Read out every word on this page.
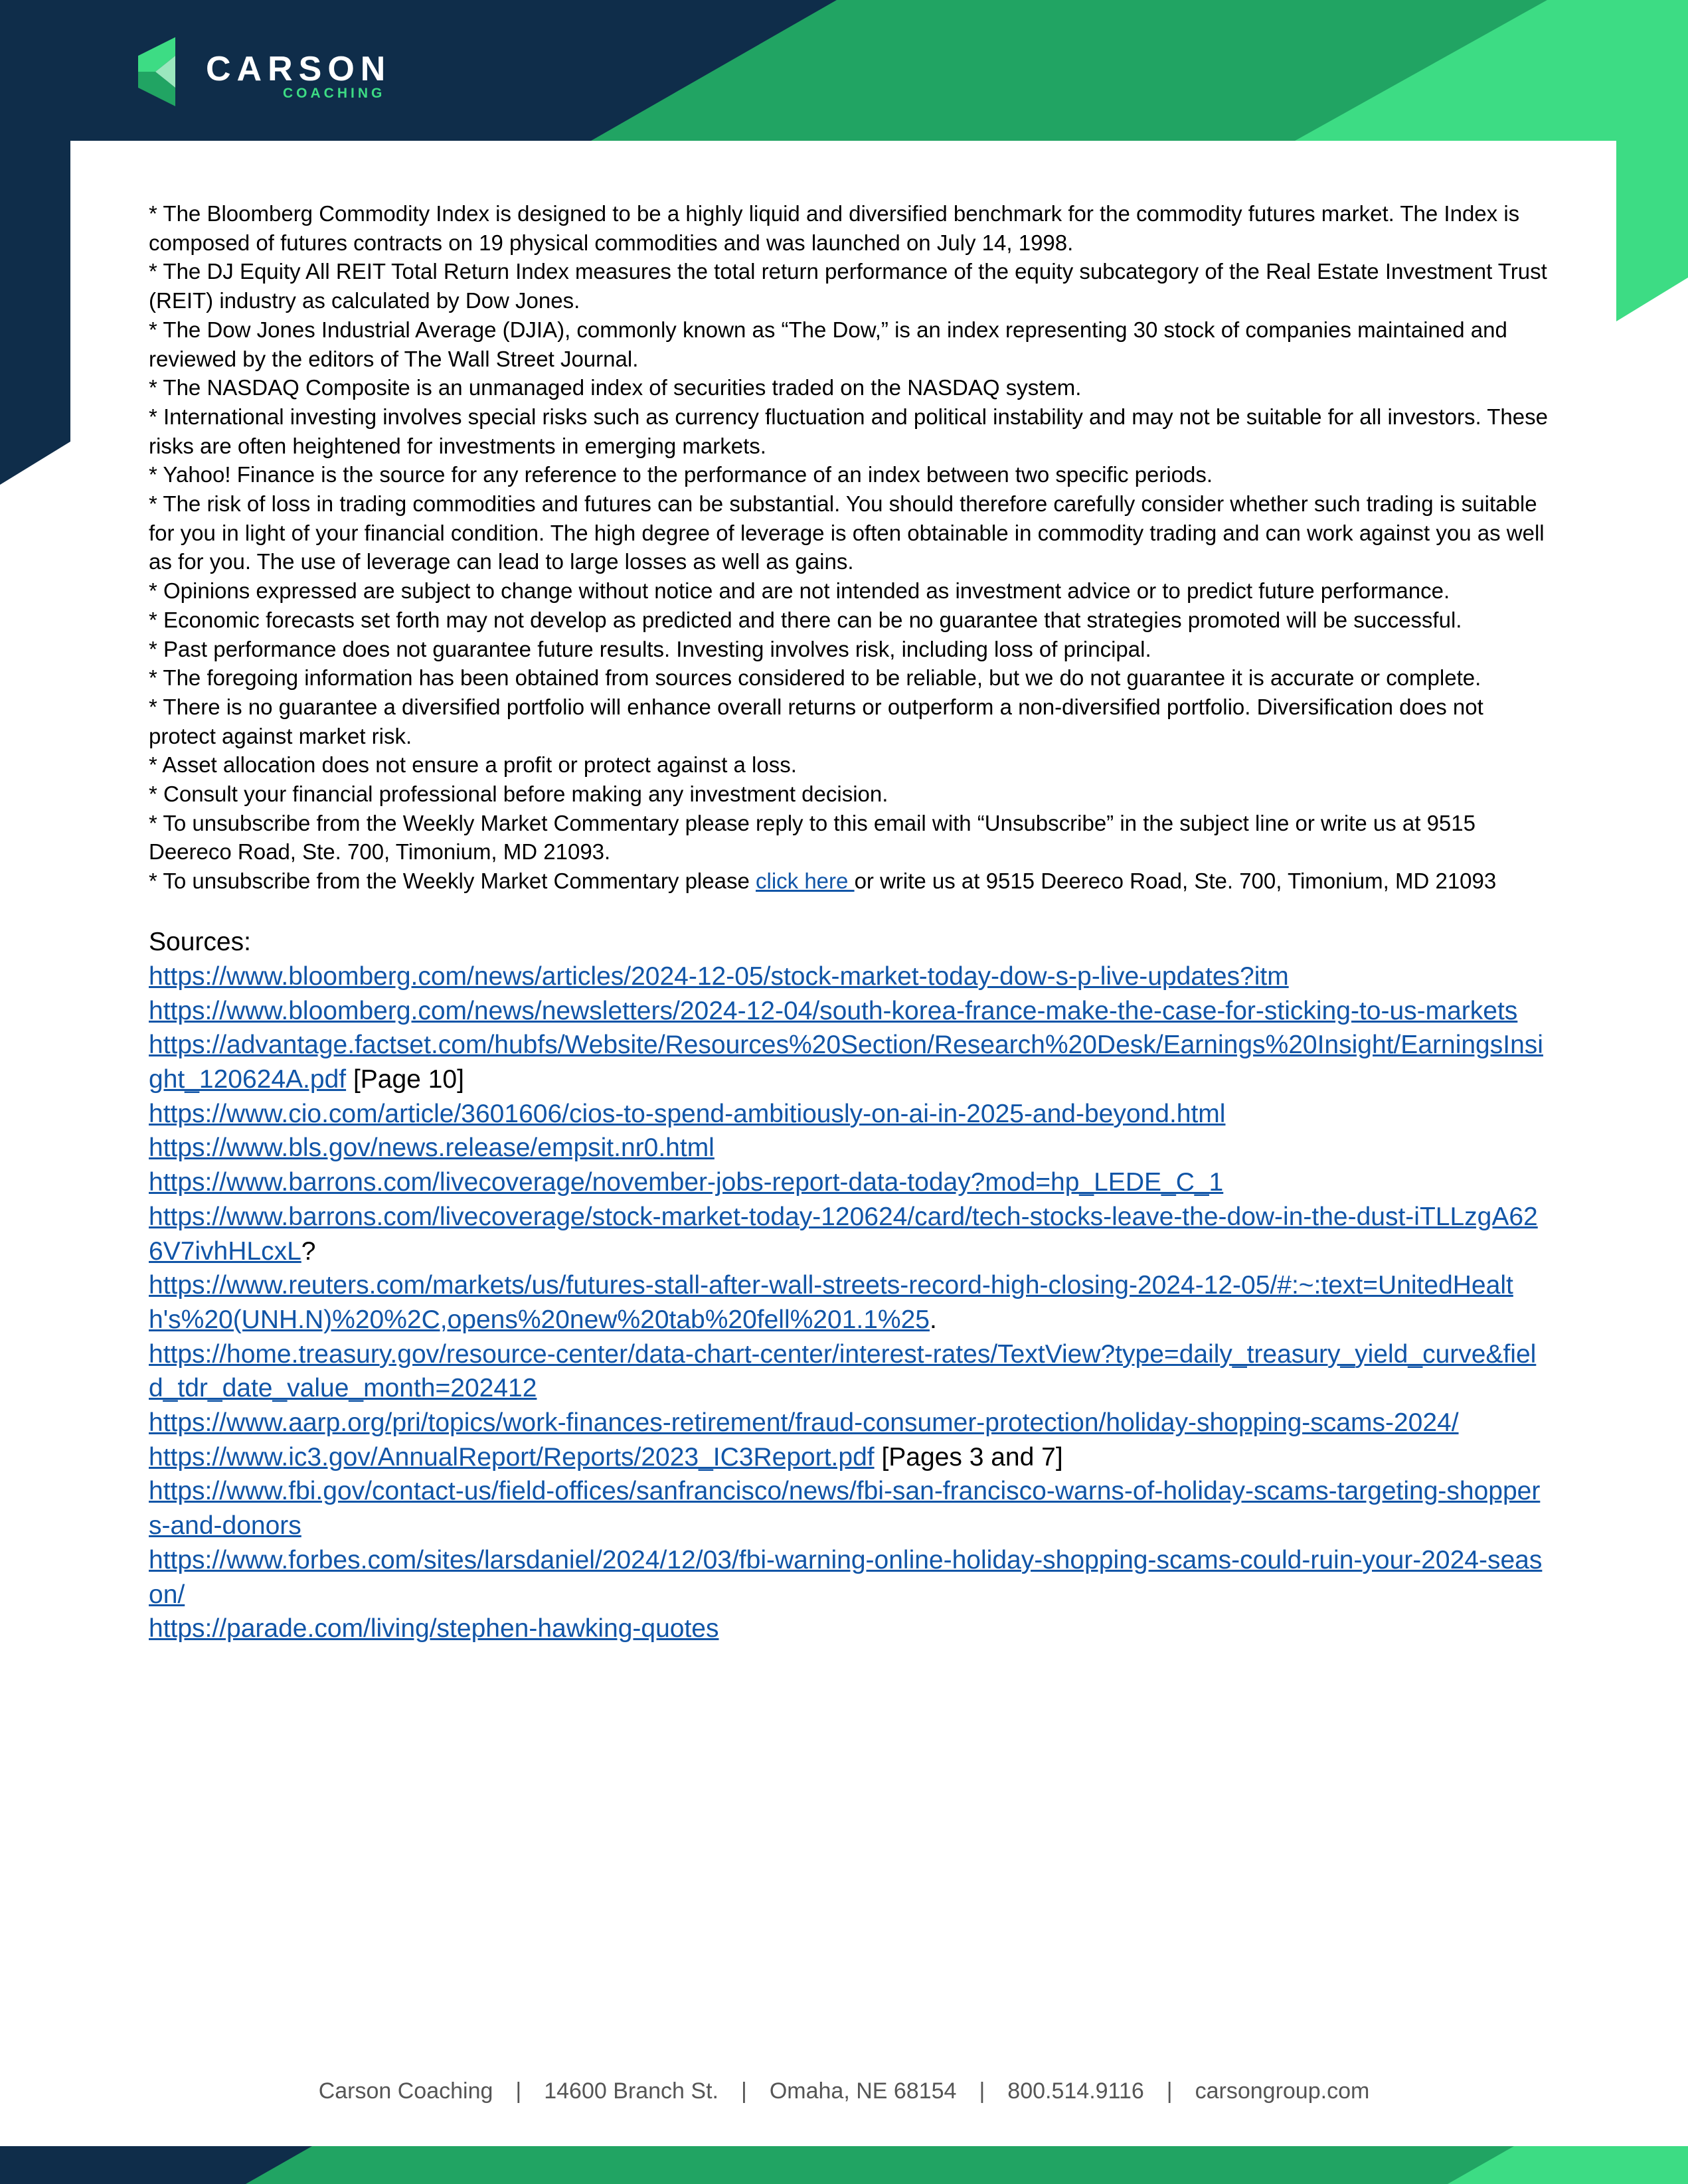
CARSON
COACHING

* The Bloomberg Commodity Index is designed to be a highly liquid and diversified benchmark for the commodity futures market. The Index is composed of futures contracts on 19 physical commodities and was launched on July 14, 1998.

* The DJ Equity All REIT Total Return Index measures the total return performance of the equity subcategory of the Real Estate Investment Trust (REIT) industry as calculated by Dow Jones.

* The Dow Jones Industrial Average (DJIA), commonly known as “The Dow,” is an index representing 30 stock of companies maintained and reviewed by the editors of The Wall Street Journal.

* The NASDAQ Composite is an unmanaged index of securities traded on the NASDAQ system.

* International investing involves special risks such as currency fluctuation and political instability and may not be suitable for all investors. These risks are often heightened for investments in emerging markets.

* Yahoo! Finance is the source for any reference to the performance of an index between two specific periods.

* The risk of loss in trading commodities and futures can be substantial. You should therefore carefully consider whether such trading is suitable for you in light of your financial condition. The high degree of leverage is often obtainable in commodity trading and can work against you as well as for you. The use of leverage can lead to large losses as well as gains.

* Opinions expressed are subject to change without notice and are not intended as investment advice or to predict future performance.

* Economic forecasts set forth may not develop as predicted and there can be no guarantee that strategies promoted will be successful.

* Past performance does not guarantee future results. Investing involves risk, including loss of principal.

* The foregoing information has been obtained from sources considered to be reliable, but we do not guarantee it is accurate or complete.

* There is no guarantee a diversified portfolio will enhance overall returns or outperform a non-diversified portfolio. Diversification does not protect against market risk.

* Asset allocation does not ensure a profit or protect against a loss.

* Consult your financial professional before making any investment decision.

* To unsubscribe from the Weekly Market Commentary please reply to this email with “Unsubscribe” in the subject line or write us at 9515 Deereco Road, Ste. 700, Timonium, MD 21093.

* To unsubscribe from the Weekly Market Commentary please click here or write us at 9515 Deereco Road, Ste. 700, Timonium, MD 21093

Sources:

https://www.bloomberg.com/news/articles/2024-12-05/stock-market-today-dow-s-p-live-updates?itm

https://www.bloomberg.com/news/newsletters/2024-12-04/south-korea-france-make-the-case-for-sticking-to-us-markets

https://advantage.factset.com/hubfs/Website/Resources%20Section/Research%20Desk/Earnings%20Insight/EarningsInsight_120624A.pdf [Page 10]

https://www.cio.com/article/3601606/cios-to-spend-ambitiously-on-ai-in-2025-and-beyond.html

https://www.bls.gov/news.release/empsit.nr0.html

https://www.barrons.com/livecoverage/november-jobs-report-data-today?mod=hp_LEDE_C_1

https://www.barrons.com/livecoverage/stock-market-today-120624/card/tech-stocks-leave-the-dow-in-the-dust-iTLLzgA626V7ivhHLcxL?

https://www.reuters.com/markets/us/futures-stall-after-wall-streets-record-high-closing-2024-12-05/#:~:text=UnitedHealth's%20(UNH.N)%20%2C,opens%20new%20tab%20fell%201.1%25.

https://home.treasury.gov/resource-center/data-chart-center/interest-rates/TextView?type=daily_treasury_yield_curve&field_tdr_date_value_month=202412

https://www.aarp.org/pri/topics/work-finances-retirement/fraud-consumer-protection/holiday-shopping-scams-2024/

https://www.ic3.gov/AnnualReport/Reports/2023_IC3Report.pdf [Pages 3 and 7]

https://www.fbi.gov/contact-us/field-offices/sanfrancisco/news/fbi-san-francisco-warns-of-holiday-scams-targeting-shoppers-and-donors

https://www.forbes.com/sites/larsdaniel/2024/12/03/fbi-warning-online-holiday-shopping-scams-could-ruin-your-2024-season/

https://parade.com/living/stephen-hawking-quotes

Carson Coaching | 14600 Branch St. | Omaha, NE 68154 | 800.514.9116 | carsongroup.com
